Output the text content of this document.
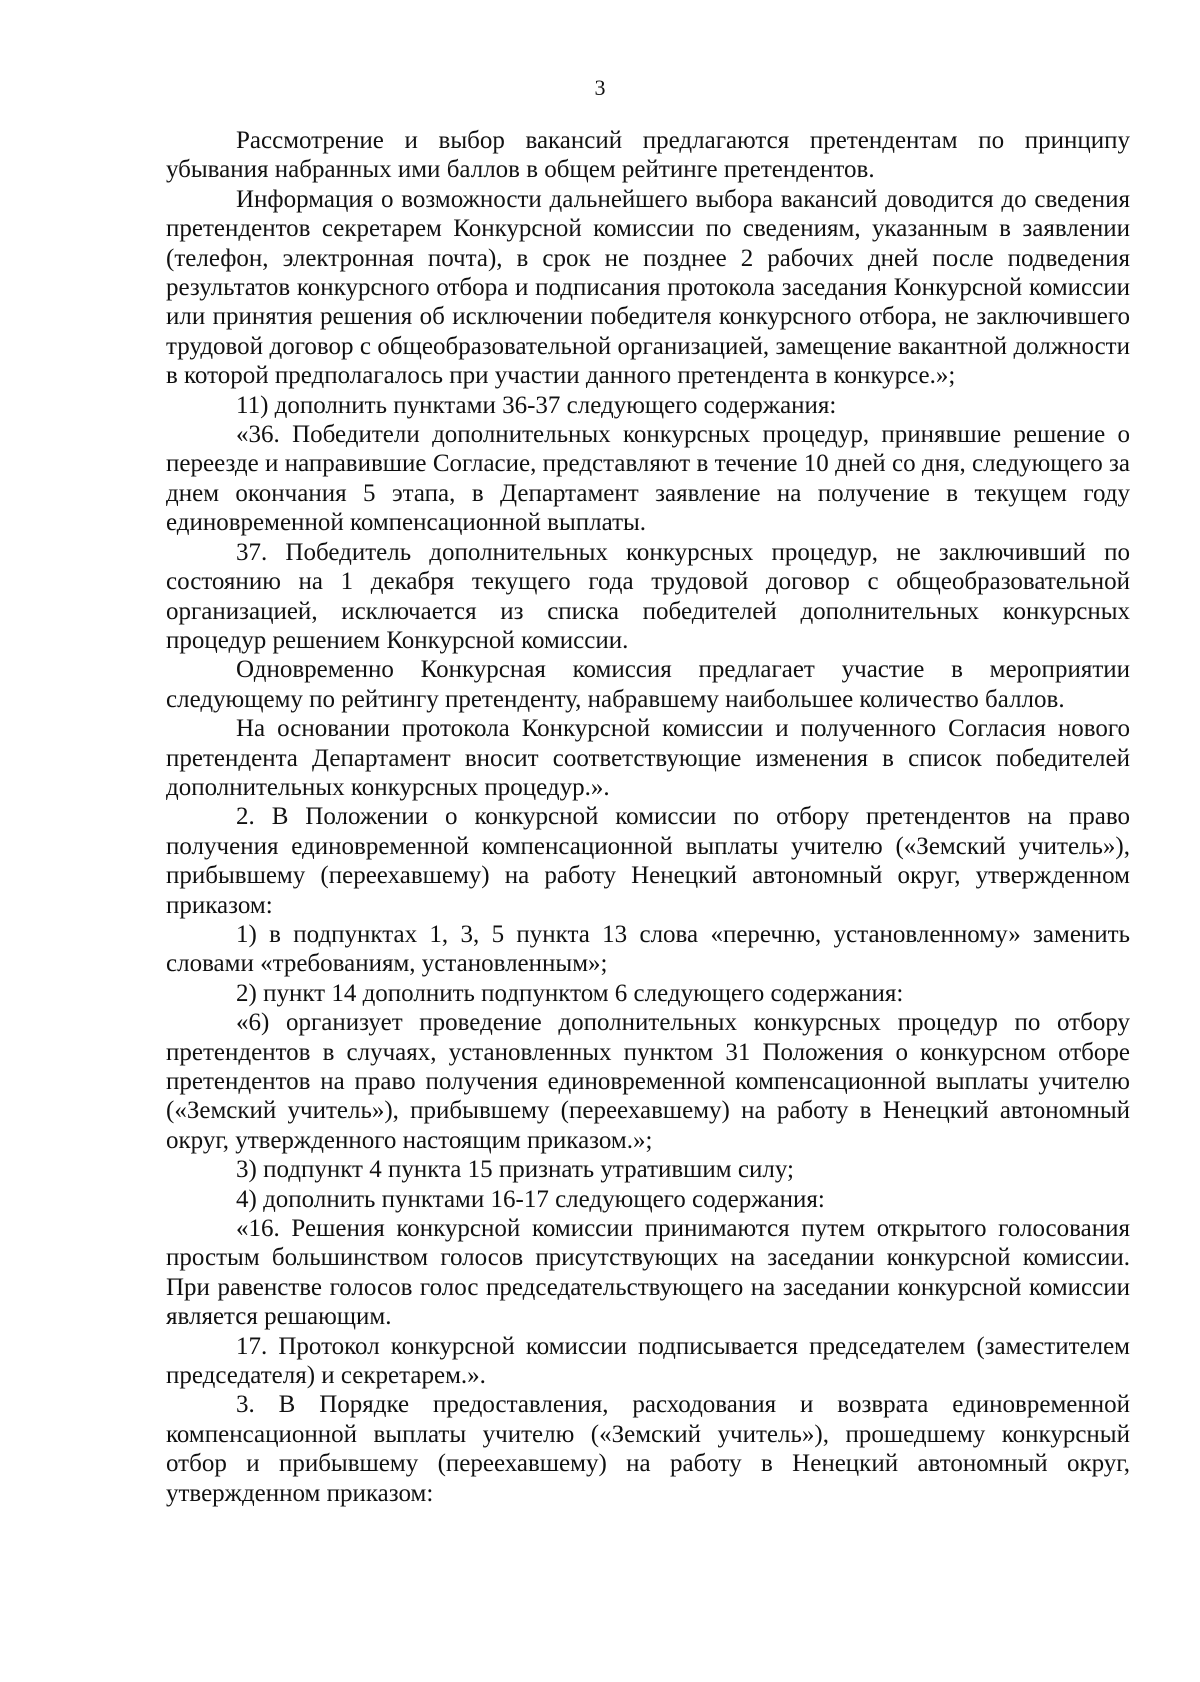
3

Рассмотрение и выбор вакансий предлагаются претендентам по принципу убывания набранных ими баллов в общем рейтинге претендентов.

Информация о возможности дальнейшего выбора вакансий доводится до сведения претендентов секретарем Конкурсной комиссии по сведениям, указанным в заявлении (телефон, электронная почта), в срок не позднее 2 рабочих дней после подведения результатов конкурсного отбора и подписания протокола заседания Конкурсной комиссии или принятия решения об исключении победителя конкурсного отбора, не заключившего трудовой договор с общеобразовательной организацией, замещение вакантной должности в которой предполагалось при участии данного претендента в конкурсе.»;

11) дополнить пунктами 36-37 следующего содержания:

«36. Победители дополнительных конкурсных процедур, принявшие решение о переезде и направившие Согласие, представляют в течение 10 дней со дня, следующего за днем окончания 5 этапа, в Департамент заявление на получение в текущем году единовременной компенсационной выплаты.

37. Победитель дополнительных конкурсных процедур, не заключивший по состоянию на 1 декабря текущего года трудовой договор с общеобразовательной организацией, исключается из списка победителей дополнительных конкурсных процедур решением Конкурсной комиссии.

Одновременно Конкурсная комиссия предлагает участие в мероприятии следующему по рейтингу претенденту, набравшему наибольшее количество баллов.

На основании протокола Конкурсной комиссии и полученного Согласия нового претендента Департамент вносит соответствующие изменения в список победителей дополнительных конкурсных процедур.».

2. В Положении о конкурсной комиссии по отбору претендентов на право получения единовременной компенсационной выплаты учителю («Земский учитель»), прибывшему (переехавшему) на работу Ненецкий автономный округ, утвержденном приказом:

1) в подпунктах 1, 3, 5 пункта 13 слова «перечню, установленному» заменить словами «требованиям, установленным»;

2) пункт 14 дополнить подпунктом 6 следующего содержания:

«6) организует проведение дополнительных конкурсных процедур по отбору претендентов в случаях, установленных пунктом 31 Положения о конкурсном отборе претендентов на право получения единовременной компенсационной выплаты учителю («Земский учитель»), прибывшему (переехавшему) на работу в Ненецкий автономный округ, утвержденного настоящим приказом.»;

3) подпункт 4 пункта 15 признать утратившим силу;

4) дополнить пунктами 16-17 следующего содержания:

«16. Решения конкурсной комиссии принимаются путем открытого голосования простым большинством голосов присутствующих на заседании конкурсной комиссии. При равенстве голосов голос председательствующего на заседании конкурсной комиссии является решающим.

17. Протокол конкурсной комиссии подписывается председателем (заместителем председателя) и секретарем.».

3. В Порядке предоставления, расходования и возврата единовременной компенсационной выплаты учителю («Земский учитель»), прошедшему конкурсный отбор и прибывшему (переехавшему) на работу в Ненецкий автономный округ, утвержденном приказом:
